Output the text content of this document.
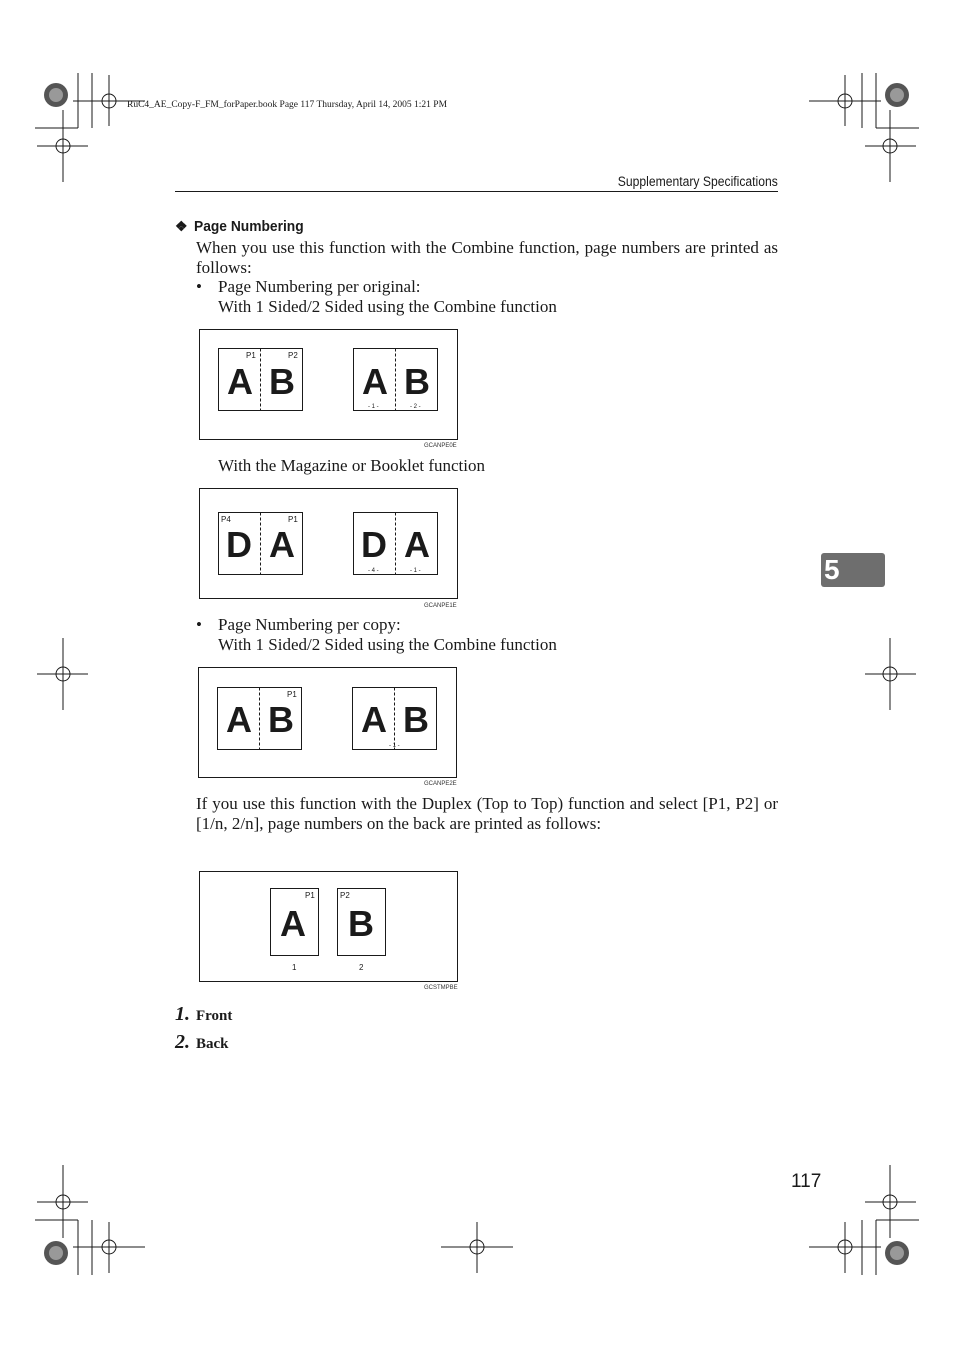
RuC4_AE_Copy-F_FM_forPaper.book Page 117 Thursday, April 14, 2005 1:21 PM
Supplementary Specifications
❖ Page Numbering
When you use this function with the Combine function, page numbers are printed as follows:
• Page Numbering per original:
With 1 Sided/2 Sided using the Combine function
P1	P2
A B A B
- 1 -	- 2 -
GCANPE0E
With the Magazine or Booklet function
P4	P1
D A D A
- 4 -	- 1 -
GCANPE1E
• Page Numbering per copy:
With 1 Sided/2 Sided using the Combine function
P1
A B A B
- 1 -
GCANPE2E
If you use this function with the Duplex (Top to Top) function and select [P1, P2] or [1/n, 2/n], page numbers on the back are printed as follows:
P1
A
P2
B
1	2
GCSTMPBE
1. Front
2. Back
5
117
